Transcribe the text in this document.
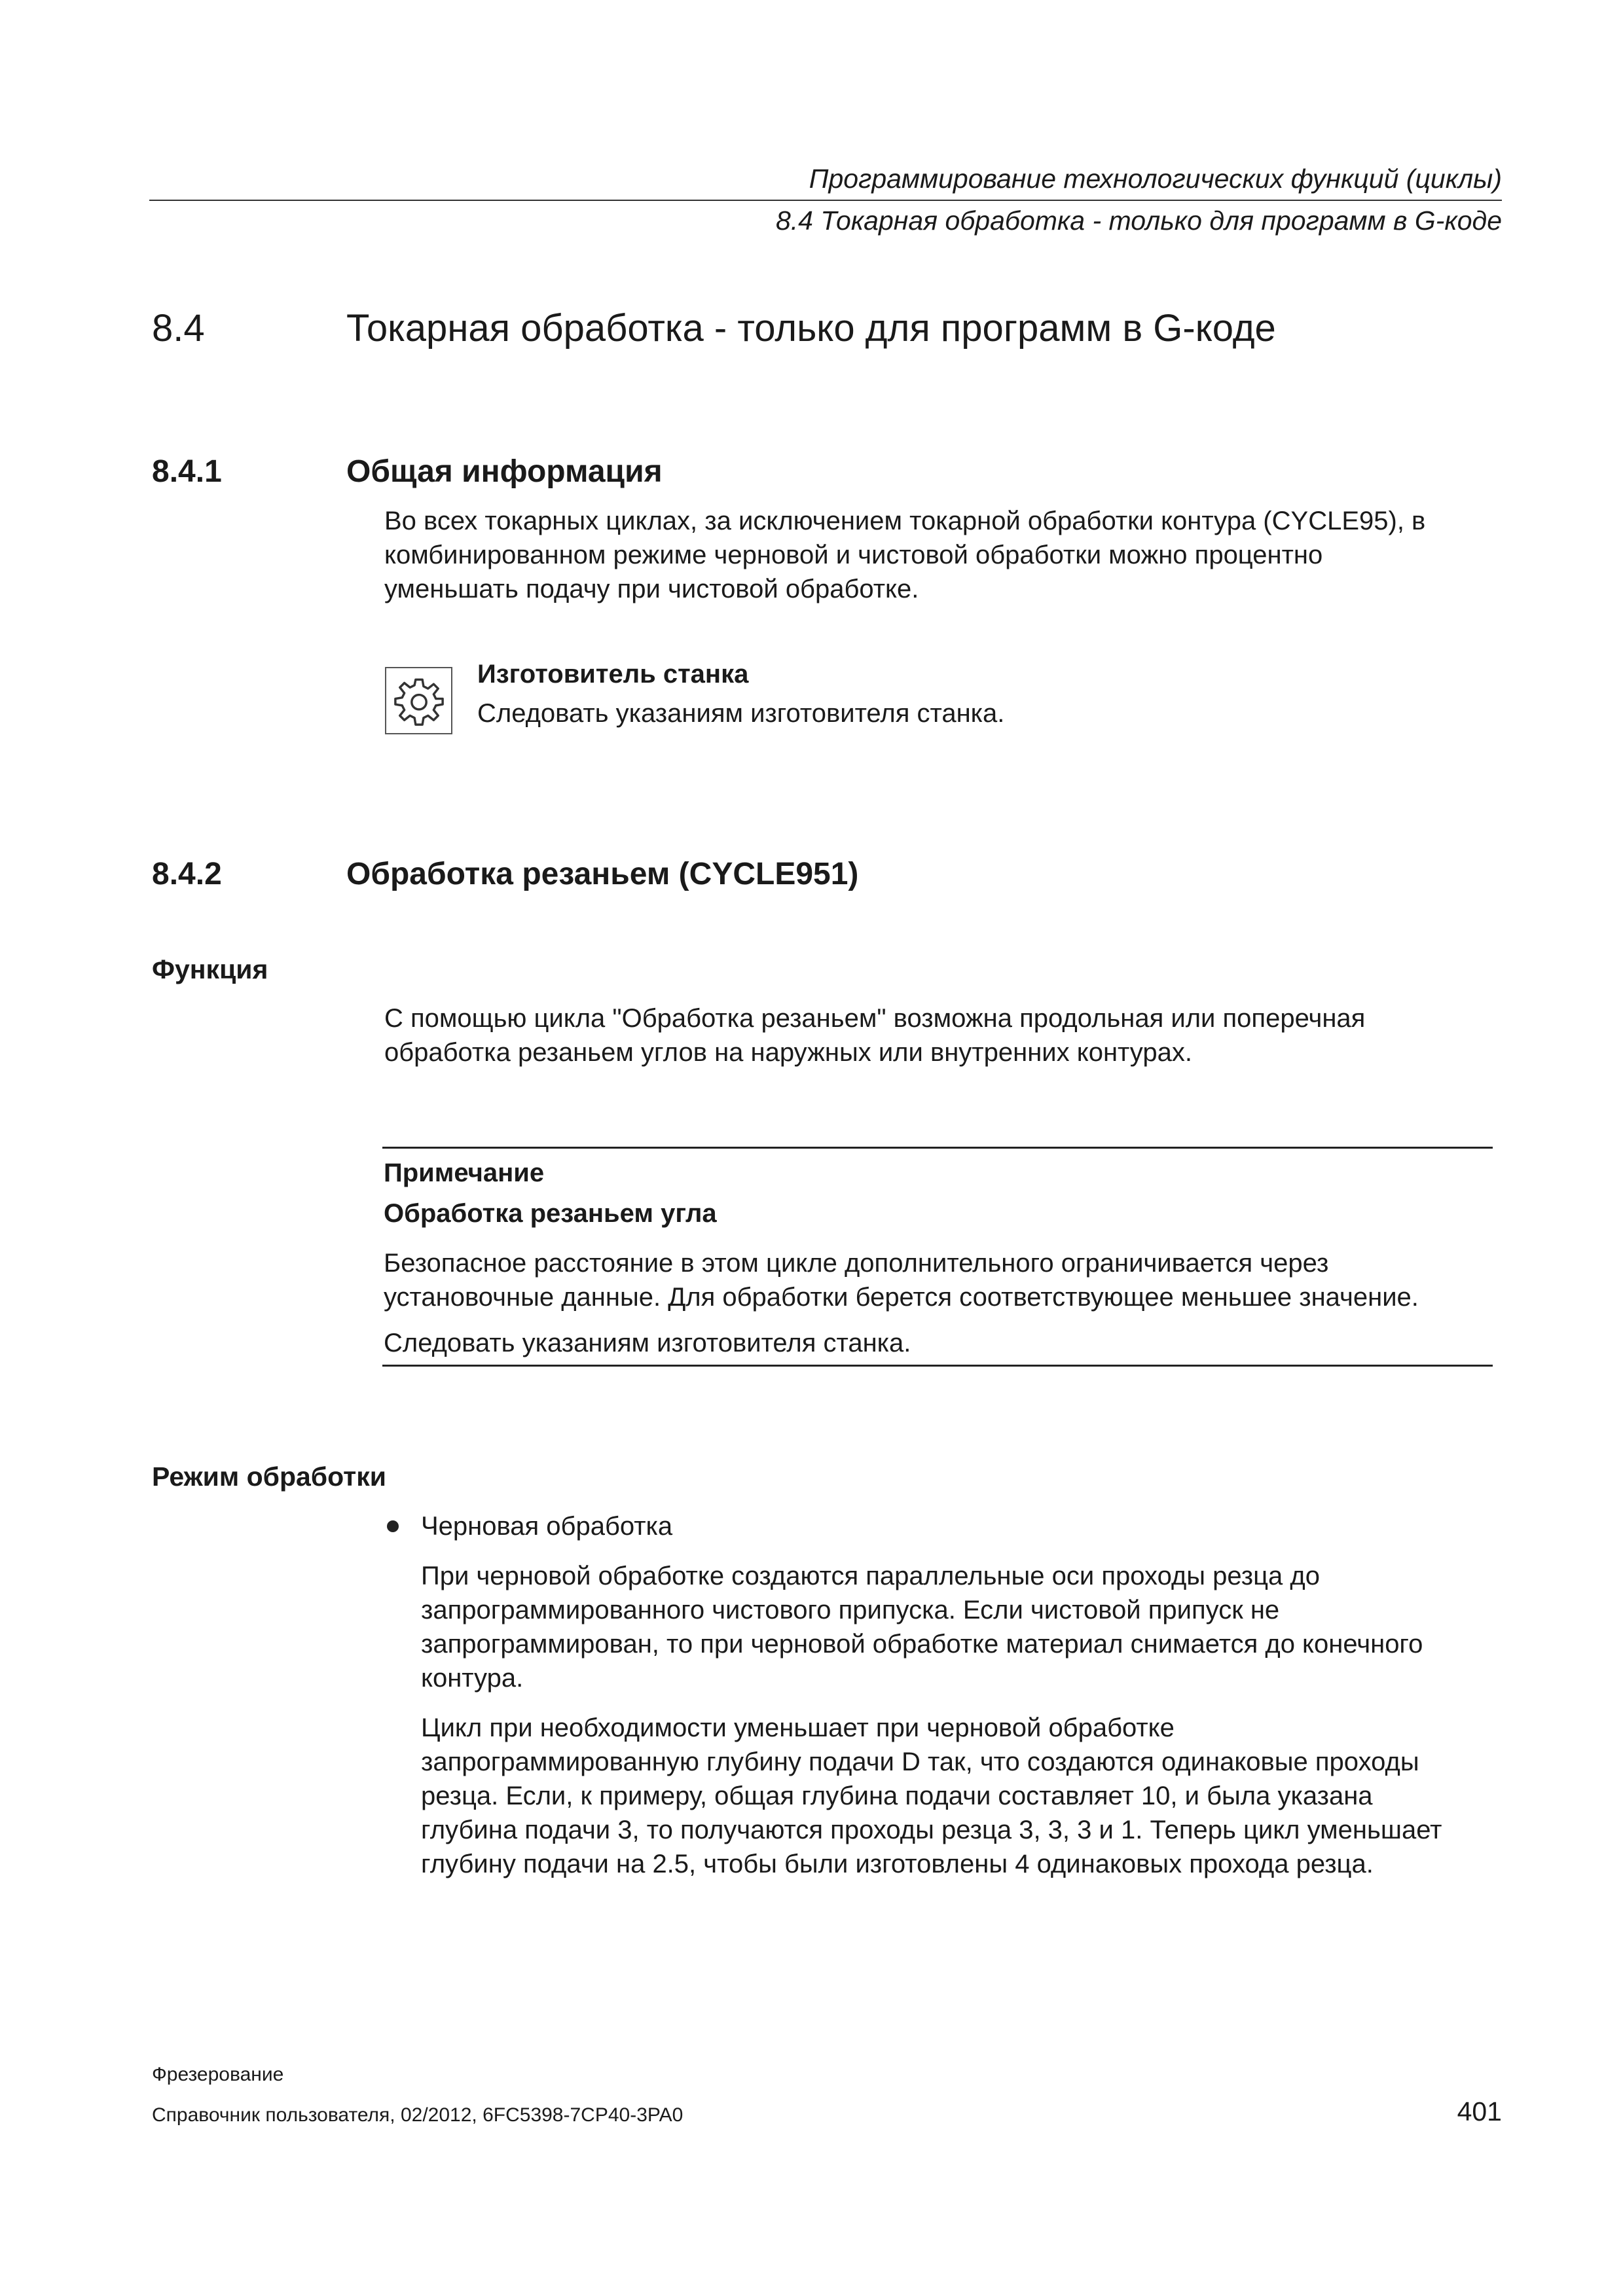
Программирование технологических функций (циклы)
8.4 Токарная обработка - только для программ в G-коде
8.4	Токарная обработка - только для программ в G-коде
8.4.1	Общая информация

Во всех токарных циклах, за исключением токарной обработки контура (CYCLE95), в

комбинированном режиме черновой и чистовой обработки можно процентно

уменьшать подачу при чистовой обработке.

Изготовитель станка
Следовать указаниям изготовителя станка.
8.4.2	Обработка резаньем (CYCLE951)
Функция

С помощью цикла "Обработка резаньем" возможна продольная или поперечная

обработка резаньем углов на наружных или внутренних контурах.

Примечание
Обработка резаньем угла

Безопасное расстояние в этом цикле дополнительного ограничивается через

установочные данные. Для обработки берется соответствующее меньшее значение.

Следовать указаниям изготовителя станка.
Режим обработки
Черновая обработка

При черновой обработке создаются параллельные оси проходы резца до

запрограммированного чистового припуска. Если чистовой припуск не

запрограммирован, то при черновой обработке материал снимается до конечного

контура.

Цикл при необходимости уменьшает при черновой обработке

запрограммированную глубину подачи D так, что создаются одинаковые проходы

резца. Если, к примеру, общая глубина подачи составляет 10, и была указана

глубина подачи 3, то получаются проходы резца 3, 3, 3 и 1. Теперь цикл уменьшает

глубину подачи на 2.5, чтобы были изготовлены 4 одинаковых прохода резца.

Фрезерование
Справочник пользователя, 02/2012, 6FC5398-7CP40-3PA0	401
